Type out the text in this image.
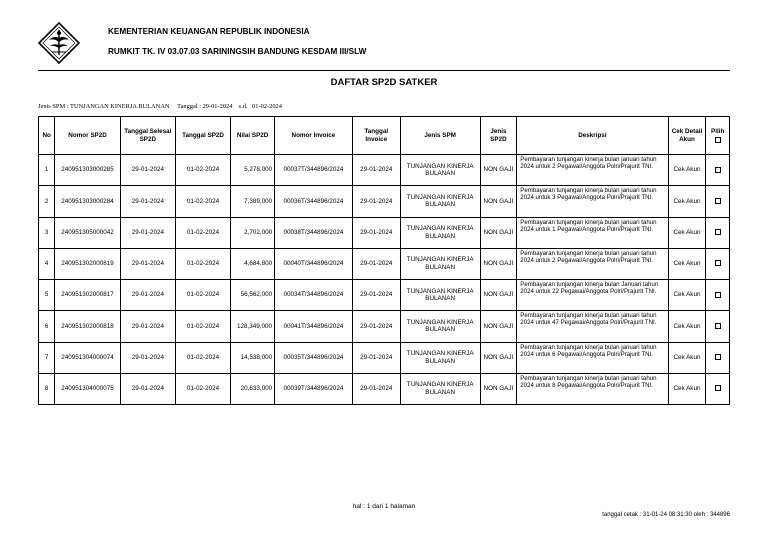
KEMENTERIAN KEUANGAN REPUBLIK INDONESIA
RUMKIT TK. IV 03.07.03 SARININGSIH BANDUNG KESDAM III/SLW
DAFTAR SP2D SATKER
Jenis SPM : TUNJANGAN KINERJA BULANAN Tanggal : 29-01-2024 s.d. 01-02-2024
No	Nomor SP2D	Tanggal Selesai SP2D	Tanggal SP2D	Nilai SP2D	Nomor Invoice	Tanggal Invoice	Jenis SPM	Jenis SP2D	Deskripsi	Cek Detail Akun	Pilih

1	240951303000285	29-01-2024	01-02-2024	5,278,000	00037T/344896/2024	29-01-2024	TUNJANGAN KINERJA BULANAN	NON GAJI	Pembayaran tunjangan kinerja bulan januari tahun 2024 untuk 2 Pegawai/Anggota Polri/Prajurit TNI.	Cek Akun	
2	240951303000284	29-01-2024	01-02-2024	7,389,000	00036T/344896/2024	29-01-2024	TUNJANGAN KINERJA BULANAN	NON GAJI	Pembayaran tunjangan kinerja bulan januari tahun 2024 untuk 3 Pegawai/Anggota Polri/Prajurit TNI.	Cek Akun	
3	240951305000042	29-01-2024	01-02-2024	2,702,000	00038T/344896/2024	29-01-2024	TUNJANGAN KINERJA BULANAN	NON GAJI	Pembayaran tunjangan kinerja bulan januari tahun 2024 untuk 1 Pegawai/Anggota Polri/Prajurit TNI.	Cek Akun	
4	240951302000819	29-01-2024	01-02-2024	4,684,800	00040T/344896/2024	29-01-2024	TUNJANGAN KINERJA BULANAN	NON GAJI	Pembayaran tunjangan kinerja bulan januari tahun 2024 untuk 2 Pegawai/Anggota Polri/Prajurit TNI.	Cek Akun	
5	240951302000817	29-01-2024	01-02-2024	56,562,000	00034T/344896/2024	29-01-2024	TUNJANGAN KINERJA BULANAN	NON GAJI	Pembayaran tunjangan kinerja bulan Januari tahun 2024 untuk 22 Pegawai/Anggota Polri/Prajurit TNI.	Cek Akun	
6	240951302000818	29-01-2024	01-02-2024	128,349,000	00041T/344896/2024	29-01-2024	TUNJANGAN KINERJA BULANAN	NON GAJI	Pembayaran tunjangan kinerja bulan januari tahun 2024 untuk 47 Pegawai/Anggota Polri/Prajurit TNI.	Cek Akun	
7	240951304000074	29-01-2024	01-02-2024	14,538,000	00035T/344896/2024	29-01-2024	TUNJANGAN KINERJA BULANAN	NON GAJI	Pembayaran tunjangan kinerja bulan januari tahun 2024 untuk 6 Pegawai/Anggota Polri/Prajurit TNI.	Cek Akun	
8	240951304000075	29-01-2024	01-02-2024	20,633,000	00039T/344896/2024	29-01-2024	TUNJANGAN KINERJA BULANAN	NON GAJI	Pembayaran tunjangan kinerja bulan januari tahun 2024 untuk 8 Pegawai/Anggota Polri/Prajurit TNI.	Cek Akun	
hal : 1 dari 1 halaman
tanggal cetak : 31-01-24 08:31:30 oleh : 344896
